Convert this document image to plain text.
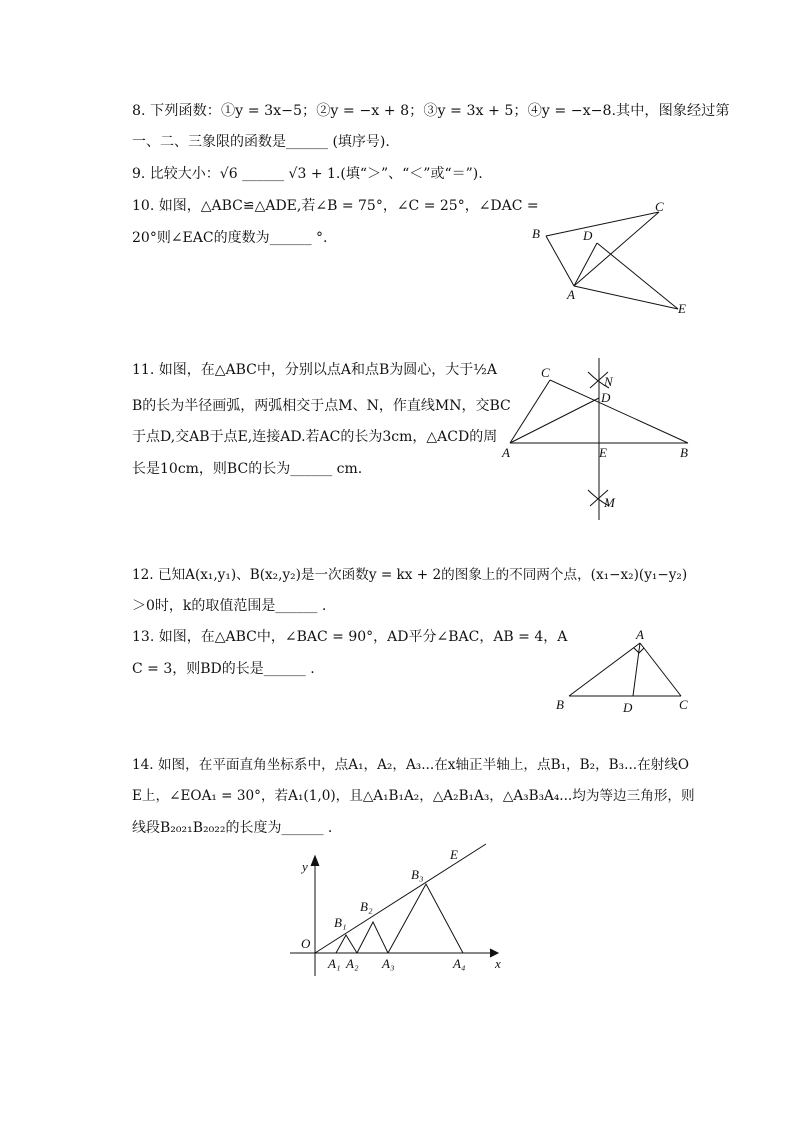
8. 下列函数：①y = 3x−5；②y = −x + 8；③y = 3x + 5；④y = −x−8.其中，图象经过第
一、二、三象限的函数是______ (填序号).
9. 比较大小：√6 ______ √3 + 1.(填“＞”、“＜”或“＝”).
10. 如图，△ABC≌△ADE,若∠B = 75°，∠C = 25°，∠DAC =
20°则∠EAC的度数为______ °.	B
C
D
A
E
11. 如图，在△ABC中，分别以点A和点B为圆心，大于½A
B的长为半径画弧，两弧相交于点M、N，作直线MN，交BC
于点D,交AB于点E,连接AD.若AC的长为3cm，△ACD的周
长是10cm，则BC的长为______ cm.
C
N
D
A	E	B
M
12. 已知A(x₁,y₁)、B(x₂,y₂)是一次函数y = kx + 2的图象上的不同两个点，(x₁−x₂)(y₁−y₂)
＞0时，k的取值范围是______ .
13. 如图，在△ABC中，∠BAC = 90°，AD平分∠BAC，AB = 4，A
C = 3，则BD的长是______ .
A
B	D	C
14. 如图，在平面直角坐标系中，点A₁，A₂，A₃...在x轴正半轴上，点B₁，B₂，B₃...在射线O
E上，∠EOA₁ = 30°，若A₁(1,0)，且△A₁B₁A₂，△A₂B₁A₃，△A₃B₃A₄...均为等边三角形，则
线段B₂₀₂₁B₂₀₂₂的长度为______ .
y
O
x
E
B₁
B₂
B₃
A₁ A₂ A₃	A₄
